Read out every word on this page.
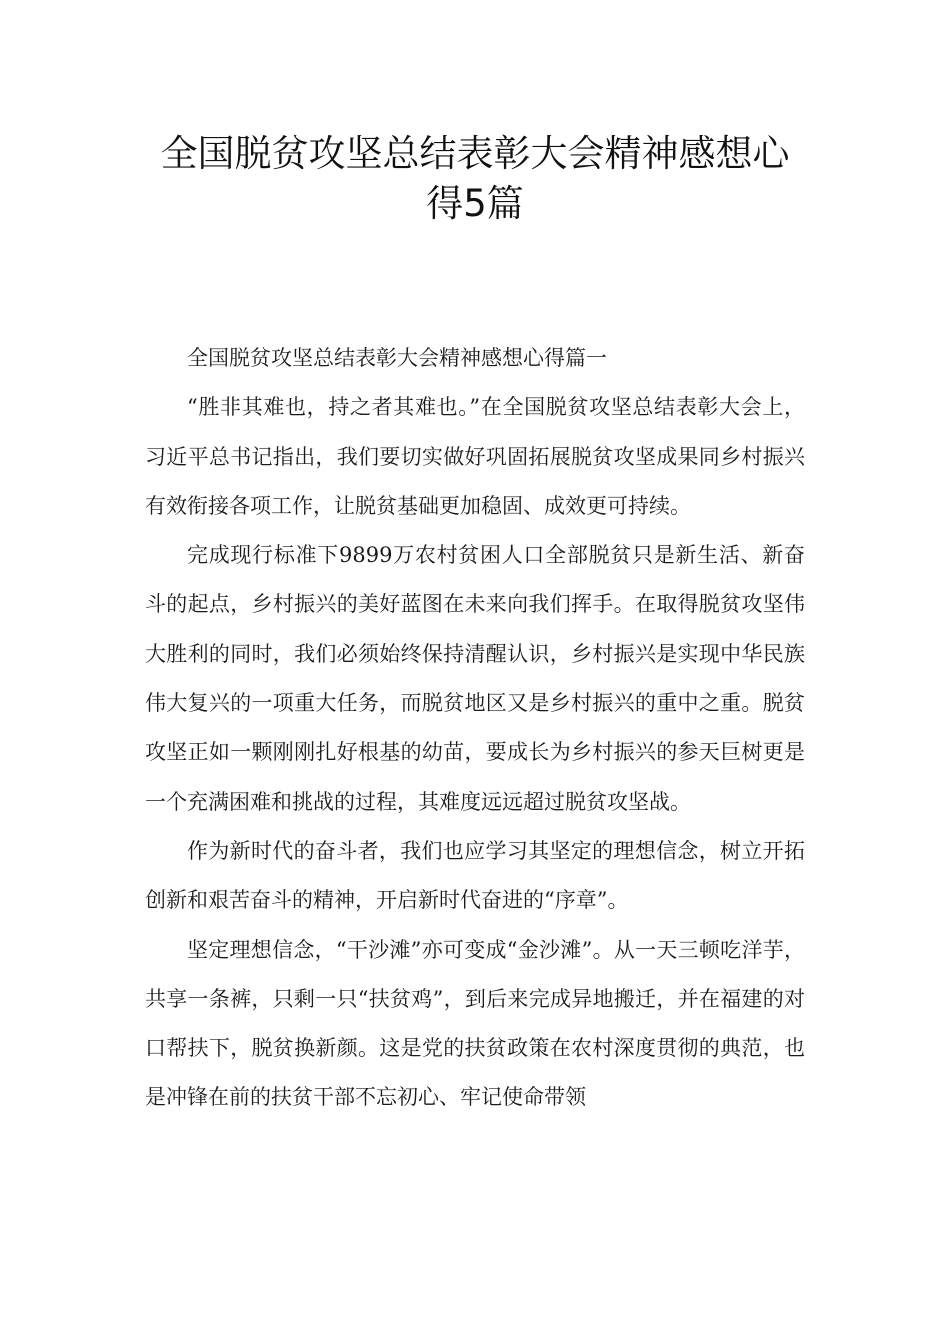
全国脱贫攻坚总结表彰大会精神感想心
得5篇

全国脱贫攻坚总结表彰大会精神感想心得篇一

“胜非其难也，持之者其难也。”在全国脱贫攻坚总结表彰大会上，习近平总书记指出，我们要切实做好巩固拓展脱贫攻坚成果同乡村振兴有效衔接各项工作，让脱贫基础更加稳固、成效更可持续。

完成现行标准下9899万农村贫困人口全部脱贫只是新生活、新奋斗的起点，乡村振兴的美好蓝图在未来向我们挥手。在取得脱贫攻坚伟大胜利的同时，我们必须始终保持清醒认识，乡村振兴是实现中华民族伟大复兴的一项重大任务，而脱贫地区又是乡村振兴的重中之重。脱贫攻坚正如一颗刚刚扎好根基的幼苗，要成长为乡村振兴的参天巨树更是一个充满困难和挑战的过程，其难度远远超过脱贫攻坚战。

作为新时代的奋斗者，我们也应学习其坚定的理想信念，树立开拓创新和艰苦奋斗的精神，开启新时代奋进的“序章”。

坚定理想信念，“干沙滩”亦可变成“金沙滩”。从一天三顿吃洋芋，共享一条裤，只剩一只“扶贫鸡”，到后来完成异地搬迁，并在福建的对口帮扶下，脱贫换新颜。这是党的扶贫政策在农村深度贯彻的典范，也是冲锋在前的扶贫干部不忘初心、牢记使命带领
